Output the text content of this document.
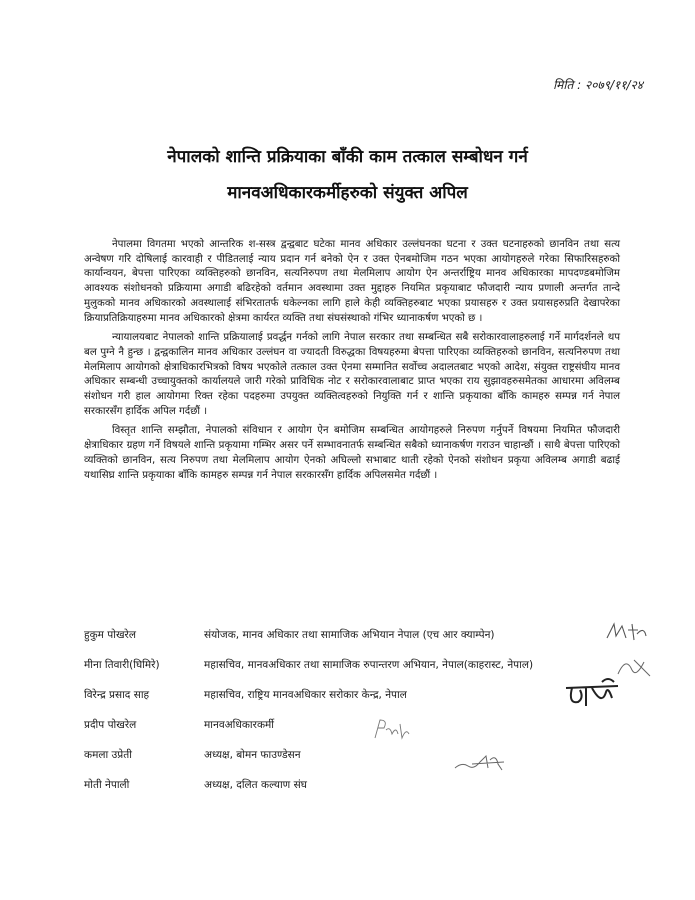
मिति : २०७९/११/२४
नेपालको शान्ति प्रक्रियाका बाँकी काम तत्काल सम्बोधन गर्न
मानवअधिकारकर्मीहरुको संयुक्त अपिल

नेपालमा विगतमा भएको आन्तरिक श-सस्त्र द्वन्द्वबाट घटेका मानव अधिकार उल्लंघनका घटना र उक्त घटनाहरुको छानविन तथा सत्य अन्वेषण गरि दोषिलाई कारवाही र पीडितलाई न्याय प्रदान गर्न बनेको ऐन र उक्त ऐनबमोजिम गठन भएका आयोगहरुले गरेका सिफारिसहरुको कार्यान्वयन, बेपत्ता पारिएका व्यक्तिहरुको छानविन, सत्यनिरुपण तथा मेलमिलाप आयोग ऐन अन्तर्राष्ट्रिय मानव अधिकारका मापदण्डबमोजिम आवश्यक संशोधनको प्रक्रियामा अगाडी बढिरहेको वर्तमान अवस्थामा उक्त मुद्दाहरु नियमित प्रकृयाबाट फौजदारी न्याय प्रणाली अन्तर्गत तान्दे मुलुकको मानव अधिकारको अवस्थालाई संभिरतातर्फ धकेल्नका लागि हाले केही व्यक्तिहरुबाट भएका प्रयासहरु र उक्त प्रयासहरुप्रति देखापरेका क्रियाप्रतिक्रियाहरुमा मानव अधिकारको क्षेत्रमा कार्यरत व्यक्ति तथा संघसंस्थाको गंभिर ध्यानाकर्षण भएको छ ।

न्यायालयबाट नेपालको शान्ति प्रक्रियालाई प्रवर्द्धन गर्नको लागि नेपाल सरकार तथा सम्बन्धित सबै सरोकारवालाहरुलाई गर्ने मार्गदर्शनले थप बल पुग्ने नै हुन्छ । द्वन्द्वकालिन मानव अधिकार उल्लंघन वा ज्यादती विरुद्धका विषयहरुमा बेपत्ता पारिएका व्यक्तिहरुको छानविन, सत्यनिरुपण तथा मेलमिलाप आयोगको क्षेत्राधिकारभित्रको विषय भएकोले तत्काल उक्त ऐनमा सम्मानित सर्वोच्च अदालतबाट भएको आदेश, संयुक्त राष्ट्रसंघीय मानव अधिकार सम्बन्धी उच्चायुक्तको कार्यालयले जारी गरेको प्राविधिक नोट र सरोकारवालाबाट प्राप्त भएका राय सुझावहरुसमेतका आधारमा अविलम्ब संशोधन गरी हाल आयोगमा रिक्त रहेका पदहरुमा उपयुक्त व्यक्तित्वहरुको नियुक्ति गर्न र शान्ति प्रकृयाका बाँकि कामहरु सम्पन्न गर्न नेपाल सरकारसँग हार्दिक अपिल गर्दछौं ।

विस्तृत शान्ति सम्झौता, नेपालको संविधान र आयोग ऐन बमोजिम सम्बन्धित आयोगहरुले निरुपण गर्नुपर्ने विषयमा नियमित फौजदारी क्षेत्राधिकार ग्रहण गर्ने विषयले शान्ति प्रकृयामा गम्भिर असर पर्ने सम्भावनातर्फ सम्बन्धित सबैको ध्यानाकर्षण गराउन चाहान्छौं । साथै बेपत्ता पारिएको व्यक्तिको छानविन, सत्य निरुपण तथा मेलमिलाप आयोग ऐनको अघिल्लो सभाबाट थाती रहेको ऐनको संशोधन प्रकृया अविलम्ब अगाडी बढाई यथासिघ्र शान्ति प्रकृयाका बाँकि कामहरु सम्पन्न गर्न नेपाल सरकारसँग हार्दिक अपिलसमेत गर्दछौं ।

हुकुम पोखरेल	संयोजक, मानव अधिकार तथा सामाजिक अभियान नेपाल (एच आर क्याम्पेन)
मीना तिवारी(घिमिरे)	महासचिव, मानवअधिकार तथा सामाजिक रुपान्तरण अभियान, नेपाल(काहरास्ट, नेपाल)
विरेन्द्र प्रसाद साह	महासचिव, राष्ट्रिय मानवअधिकार सरोकार केन्द्र, नेपाल
प्रदीप पोखरेल	मानवअधिकारकर्मी
कमला उप्रेती	अध्यक्ष, बोमन फाउण्डेसन
मोती नेपाली	अध्यक्ष, दलित कल्याण संघ
